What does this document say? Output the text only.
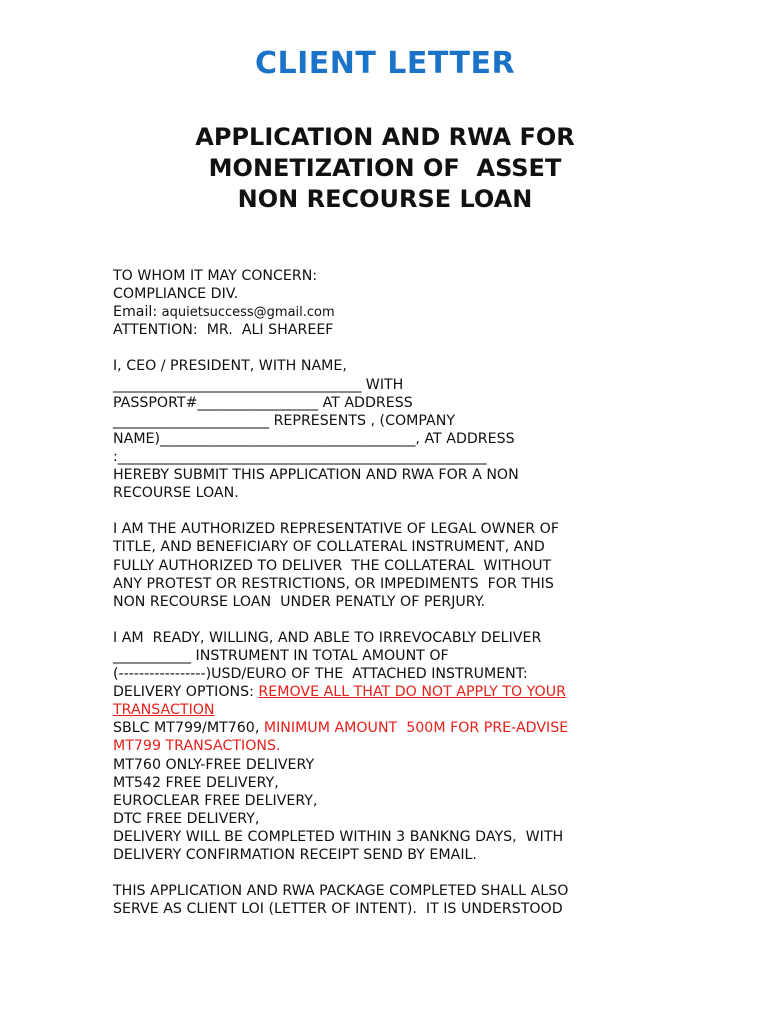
CLIENT LETTER
APPLICATION AND RWA FOR
MONETIZATION OF  ASSET
NON RECOURSE LOAN
TO WHOM IT MAY CONCERN:
COMPLIANCE DIV.
Email: aquietsuccess@gmail.com
ATTENTION:  MR.  ALI SHAREEF
I, CEO / PRESIDENT, WITH NAME,
___________________________________ WITH
PASSPORT#_________________ AT ADDRESS
______________________ REPRESENTS , (COMPANY
NAME)____________________________________, AT ADDRESS
:____________________________________________________
HEREBY SUBMIT THIS APPLICATION AND RWA FOR A NON
RECOURSE LOAN.
I AM THE AUTHORIZED REPRESENTATIVE OF LEGAL OWNER OF
TITLE, AND BENEFICIARY OF COLLATERAL INSTRUMENT, AND
FULLY AUTHORIZED TO DELIVER  THE COLLATERAL  WITHOUT
ANY PROTEST OR RESTRICTIONS, OR IMPEDIMENTS  FOR THIS
NON RECOURSE LOAN  UNDER PENATLY OF PERJURY.
I AM  READY, WILLING, AND ABLE TO IRREVOCABLY DELIVER
___________ INSTRUMENT IN TOTAL AMOUNT OF
(-----------------)USD/EURO OF THE  ATTACHED INSTRUMENT:
DELIVERY OPTIONS: REMOVE ALL THAT DO NOT APPLY TO YOUR
TRANSACTION
SBLC MT799/MT760, MINIMUM AMOUNT  500M FOR PRE-ADVISE
MT799 TRANSACTIONS.
MT760 ONLY-FREE DELIVERY
MT542 FREE DELIVERY,
EUROCLEAR FREE DELIVERY,
DTC FREE DELIVERY,
DELIVERY WILL BE COMPLETED WITHIN 3 BANKNG DAYS,  WITH
DELIVERY CONFIRMATION RECEIPT SEND BY EMAIL.
THIS APPLICATION AND RWA PACKAGE COMPLETED SHALL ALSO
SERVE AS CLIENT LOI (LETTER OF INTENT).  IT IS UNDERSTOOD
